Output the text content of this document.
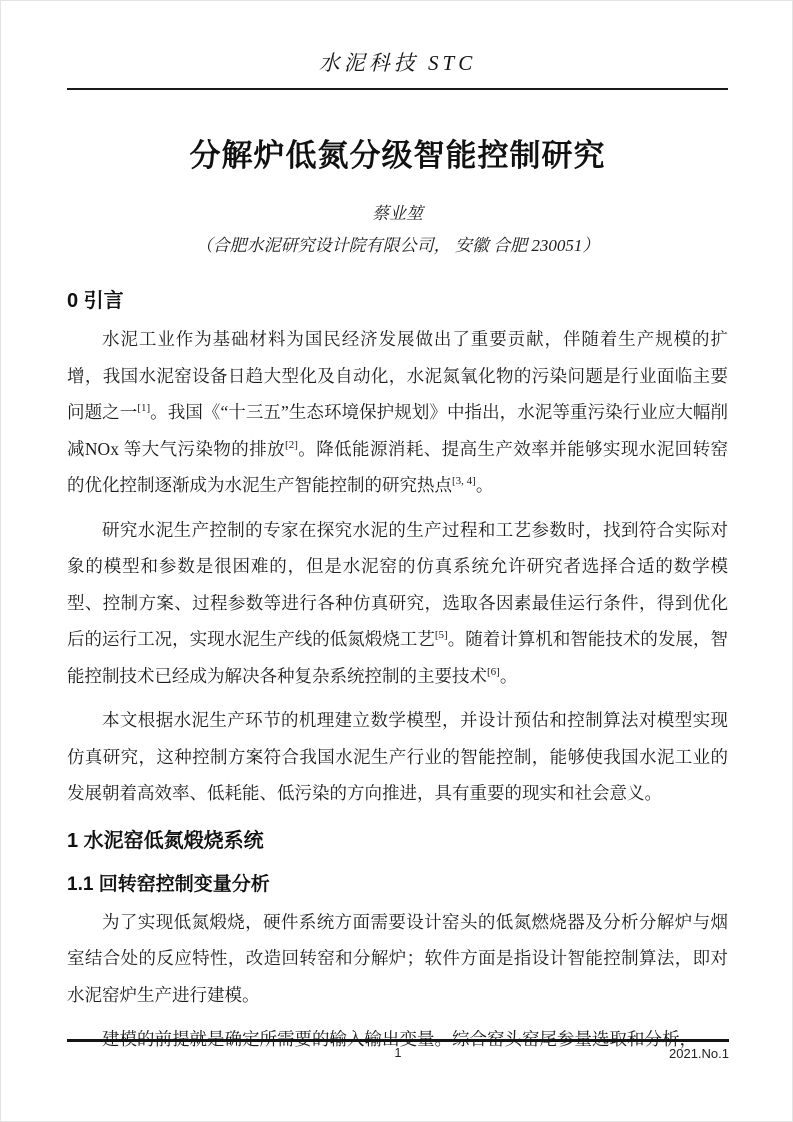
水泥科技 STC
分解炉低氮分级智能控制研究
蔡业堃
（合肥水泥研究设计院有限公司， 安徽 合肥 230051）
0 引言

水泥工业作为基础材料为国民经济发展做出了重要贡献，伴随着生产规模的扩增，我国水泥窑设备日趋大型化及自动化，水泥氮氧化物的污染问题是行业面临主要问题之一[1]。我国《“十三五”生态环境保护规划》中指出，水泥等重污染行业应大幅削减NOx 等大气污染物的排放[2]。降低能源消耗、提高生产效率并能够实现水泥回转窑的优化控制逐渐成为水泥生产智能控制的研究热点[3, 4]。

研究水泥生产控制的专家在探究水泥的生产过程和工艺参数时，找到符合实际对象的模型和参数是很困难的，但是水泥窑的仿真系统允许研究者选择合适的数学模型、控制方案、过程参数等进行各种仿真研究，选取各因素最佳运行条件，得到优化后的运行工况，实现水泥生产线的低氮煅烧工艺[5]。随着计算机和智能技术的发展，智能控制技术已经成为解决各种复杂系统控制的主要技术[6]。

本文根据水泥生产环节的机理建立数学模型，并设计预估和控制算法对模型实现仿真研究，这种控制方案符合我国水泥生产行业的智能控制，能够使我国水泥工业的发展朝着高效率、低耗能、低污染的方向推进，具有重要的现实和社会意义。

1 水泥窑低氮煅烧系统
1.1 回转窑控制变量分析

为了实现低氮煅烧，硬件系统方面需要设计窑头的低氮燃烧器及分析分解炉与烟室结合处的反应特性，改造回转窑和分解炉；软件方面是指设计智能控制算法，即对水泥窑炉生产进行建模。

建模的前提就是确定所需要的输入输出变量。综合窑头窑尾参量选取和分析，

1	2021.No.1
